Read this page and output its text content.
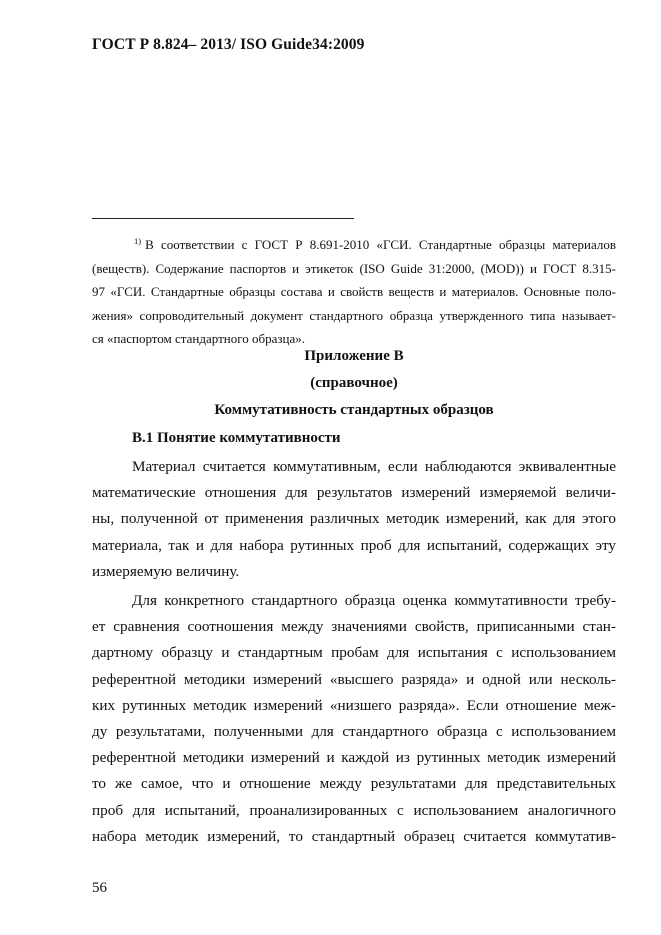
ГОСТ Р 8.824– 2013/ ISO Guide34:2009
$^{1)}$ В соответствии с ГОСТ Р 8.691-2010 «ГСИ. Стандартные образцы материалов
(веществ). Содержание паспортов и этикеток (ISO Guide 31:2000, (MOD)) и ГОСТ 8.315-
97 «ГСИ. Стандартные образцы состава и свойств веществ и материалов. Основные поло-
жения» сопроводительный документ стандартного образца утвержденного типа называет-
ся «паспортом стандартного образца».
Приложение В
(справочное)
Коммутативность стандартных образцов
В.1 Понятие коммутативности
Материал считается коммутативным, если наблюдаются эквивалентные
математические отношения для результатов измерений измеряемой величи-
ны, полученной от применения различных методик измерений, как для этого
материала, так и для набора рутинных проб для испытаний, содержащих эту
измеряемую величину.
Для конкретного стандартного образца оценка коммутативности требу-
ет сравнения соотношения между значениями свойств, приписанными стан-
дартному образцу и стандартным пробам для испытания с использованием
референтной методики измерений «высшего разряда» и одной или несколь-
ких рутинных методик измерений «низшего разряда». Если отношение меж-
ду результатами, полученными для стандартного образца с использованием
референтной методики измерений и каждой из рутинных методик измерений
то же самое, что и отношение между результатами для представительных
проб для испытаний, проанализированных с использованием аналогичного
набора методик измерений, то стандартный образец считается коммутатив-
56
